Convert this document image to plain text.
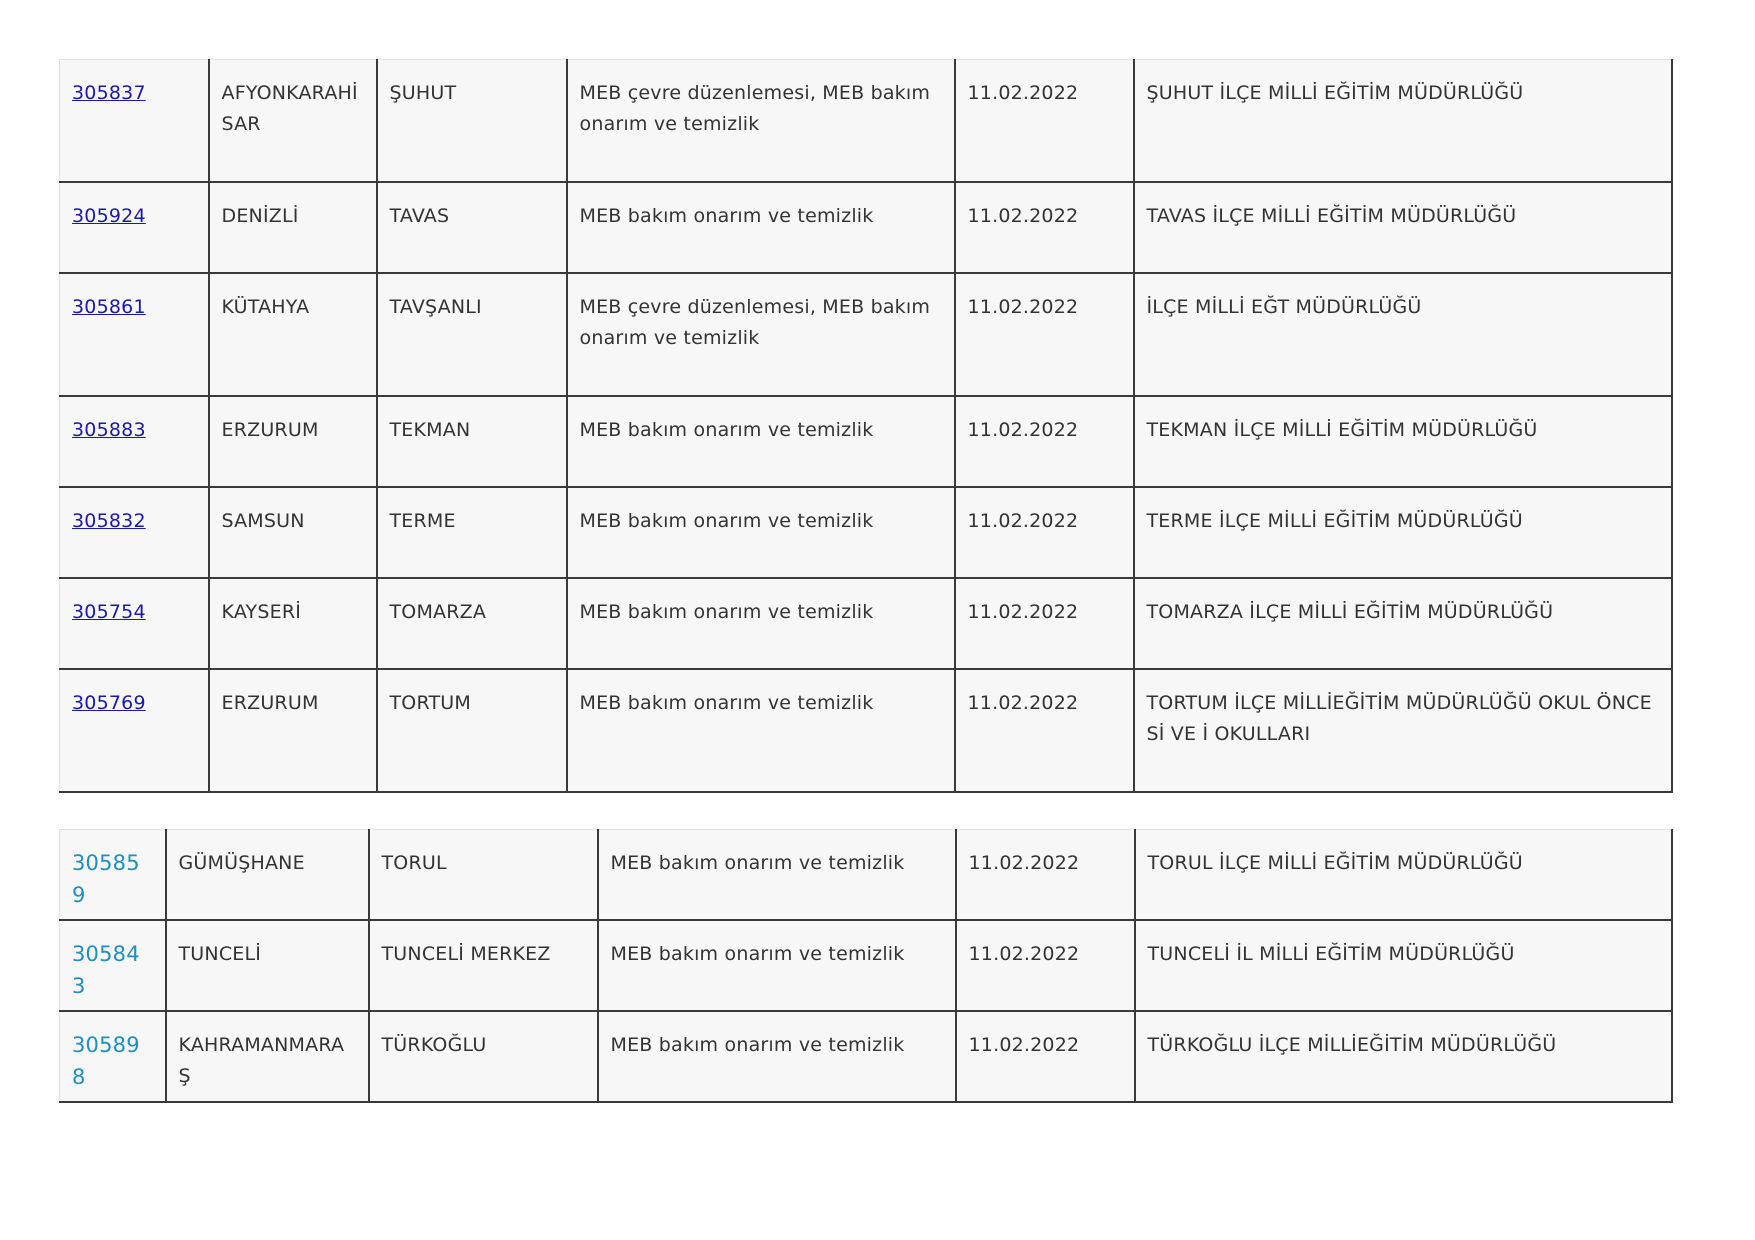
305837	AFYONKARAHİSAR	ŞUHUT	MEB çevre düzenlemesi, MEB bakım onarım ve temizlik	11.02.2022	ŞUHUT İLÇE MİLLİ EĞİTİM MÜDÜRLÜĞÜ
305924	DENİZLİ	TAVAS	MEB bakım onarım ve temizlik	11.02.2022	TAVAS İLÇE MİLLİ EĞİTİM MÜDÜRLÜĞÜ
305861	KÜTAHYA	TAVŞANLI	MEB çevre düzenlemesi, MEB bakım onarım ve temizlik	11.02.2022	İLÇE MİLLİ EĞT MÜDÜRLÜĞÜ
305883	ERZURUM	TEKMAN	MEB bakım onarım ve temizlik	11.02.2022	TEKMAN İLÇE MİLLİ EĞİTİM MÜDÜRLÜĞÜ
305832	SAMSUN	TERME	MEB bakım onarım ve temizlik	11.02.2022	TERME İLÇE MİLLİ EĞİTİM MÜDÜRLÜĞÜ
305754	KAYSERİ	TOMARZA	MEB bakım onarım ve temizlik	11.02.2022	TOMARZA İLÇE MİLLİ EĞİTİM MÜDÜRLÜĞÜ
305769	ERZURUM	TORTUM	MEB bakım onarım ve temizlik	11.02.2022	TORTUM İLÇE MİLLİEĞİTİM MÜDÜRLÜĞÜ OKUL ÖNCESİ VE İ OKULLARI
305859	GÜMÜŞHANE	TORUL	MEB bakım onarım ve temizlik	11.02.2022	TORUL İLÇE MİLLİ EĞİTİM MÜDÜRLÜĞÜ
305843	TUNCELİ	TUNCELİ MERKEZ	MEB bakım onarım ve temizlik	11.02.2022	TUNCELİ İL MİLLİ EĞİTİM MÜDÜRLÜĞÜ
305898	KAHRAMANMARAŞ	TÜRKOĞLU	MEB bakım onarım ve temizlik	11.02.2022	TÜRKOĞLU İLÇE MİLLİEĞİTİM MÜDÜRLÜĞÜ
